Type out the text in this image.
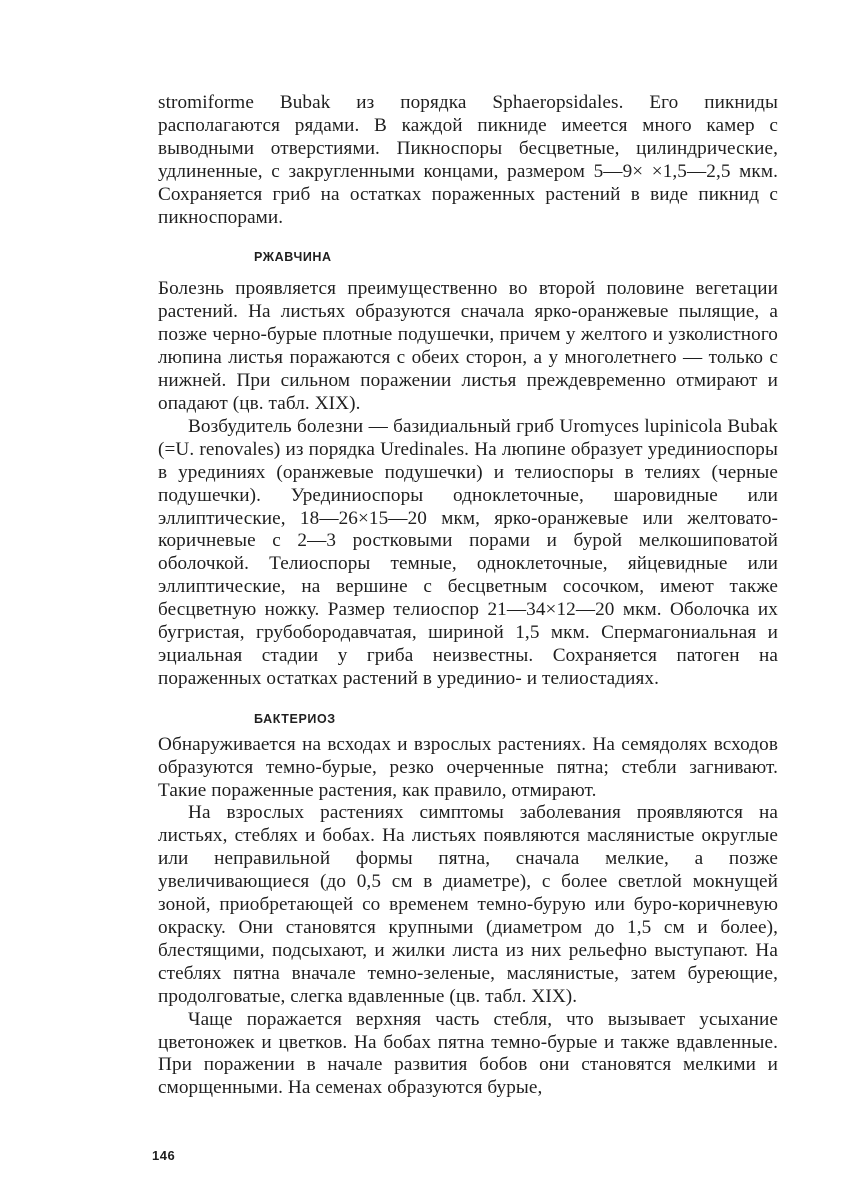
stromiforme Bubak из порядка Sphaeropsidales. Его пикниды располагаются рядами. В каждой пикниде имеется много камер с выводными отверстиями. Пикноспоры бесцветные, цилиндрические, удлиненные, с закругленными концами, размером 5—9× ×1,5—2,5 мкм. Сохраняется гриб на остатках пораженных растений в виде пикнид с пикноспорами.

РЖАВЧИНА

Болезнь проявляется преимущественно во второй половине вегетации растений. На листьях образуются сначала ярко-оранжевые пылящие, а позже черно-бурые плотные подушечки, причем у желтого и узколистного люпина листья поражаются с обеих сторон, а у многолетнего — только с нижней. При сильном поражении листья преждевременно отмирают и опадают (цв. табл. XIX).

Возбудитель болезни — базидиальный гриб Uromyces lupinicola Bubak (=U. renovales) из порядка Uredinales. На люпине образует урединиоспоры в урединиях (оранжевые подушечки) и телиоспоры в телиях (черные подушечки). Урединиоспоры одноклеточные, шаровидные или эллиптические, 18—26×15—20 мкм, ярко-оранжевые или желтовато-коричневые с 2—3 ростковыми порами и бурой мелкошиповатой оболочкой. Телиоспоры темные, одноклеточные, яйцевидные или эллиптические, на вершине с бесцветным сосочком, имеют также бесцветную ножку. Размер телиоспор 21—34×12—20 мкм. Оболочка их бугристая, грубобородавчатая, шириной 1,5 мкм. Спермагониальная и эциальная стадии у гриба неизвестны. Сохраняется патоген на пораженных остатках растений в урединио- и телиостадиях.

БАКТЕРИОЗ

Обнаруживается на всходах и взрослых растениях. На семядолях всходов образуются темно-бурые, резко очерченные пятна; стебли загнивают. Такие пораженные растения, как правило, отмирают.

На взрослых растениях симптомы заболевания проявляются на листьях, стеблях и бобах. На листьях появляются маслянистые округлые или неправильной формы пятна, сначала мелкие, а позже увеличивающиеся (до 0,5 см в диаметре), с более светлой мокнущей зоной, приобретающей со временем темно-бурую или буро-коричневую окраску. Они становятся крупными (диаметром до 1,5 см и более), блестящими, подсыхают, и жилки листа из них рельефно выступают. На стеблях пятна вначале темно-зеленые, маслянистые, затем буреющие, продолговатые, слегка вдавленные (цв. табл. XIX).

Чаще поражается верхняя часть стебля, что вызывает усыхание цветоножек и цветков. На бобах пятна темно-бурые и также вдавленные. При поражении в начале развития бобов они становятся мелкими и сморщенными. На семенах образуются бурые,

146
